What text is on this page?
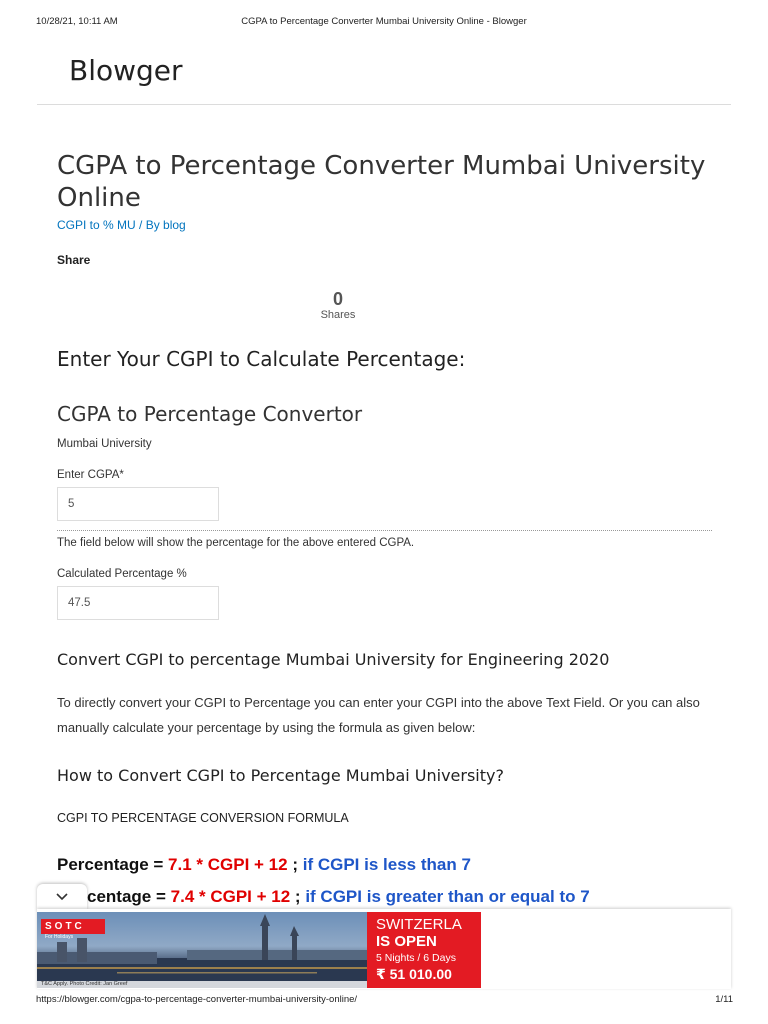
10/28/21, 10:11 AM	CGPA to Percentage Converter Mumbai University Online - Blowger
Blowger
CGPA to Percentage Converter Mumbai University Online
CGPI to % MU / By blog
Share
0
Shares
Enter Your CGPI to Calculate Percentage:
CGPA to Percentage Convertor
Mumbai University
Enter CGPA*
5
The field below will show the percentage for the above entered CGPA.
Calculated Percentage %
47.5
Convert CGPI to percentage Mumbai University for Engineering 2020

To directly convert your CGPI to Percentage you can enter your CGPI into the above Text Field. Or you can also manually calculate your percentage by using the formula as given below:

How to Convert CGPI to Percentage Mumbai University?
CGPI TO PERCENTAGE CONVERSION FORMULA
Percentage = 7.1 * CGPI + 12 ; if CGPI is less than 7
centage = 7.4 * CGPI + 12 ; if CGPI is greater than or equal to 7
SOTC
For Holidays
T&C Apply. Photo Credit: Jan Greef
SWITZERLA
IS OPEN
5 Nights / 6 Days
₹ 51 010.00
https://blowger.com/cgpa-to-percentage-converter-mumbai-university-online/	1/11
